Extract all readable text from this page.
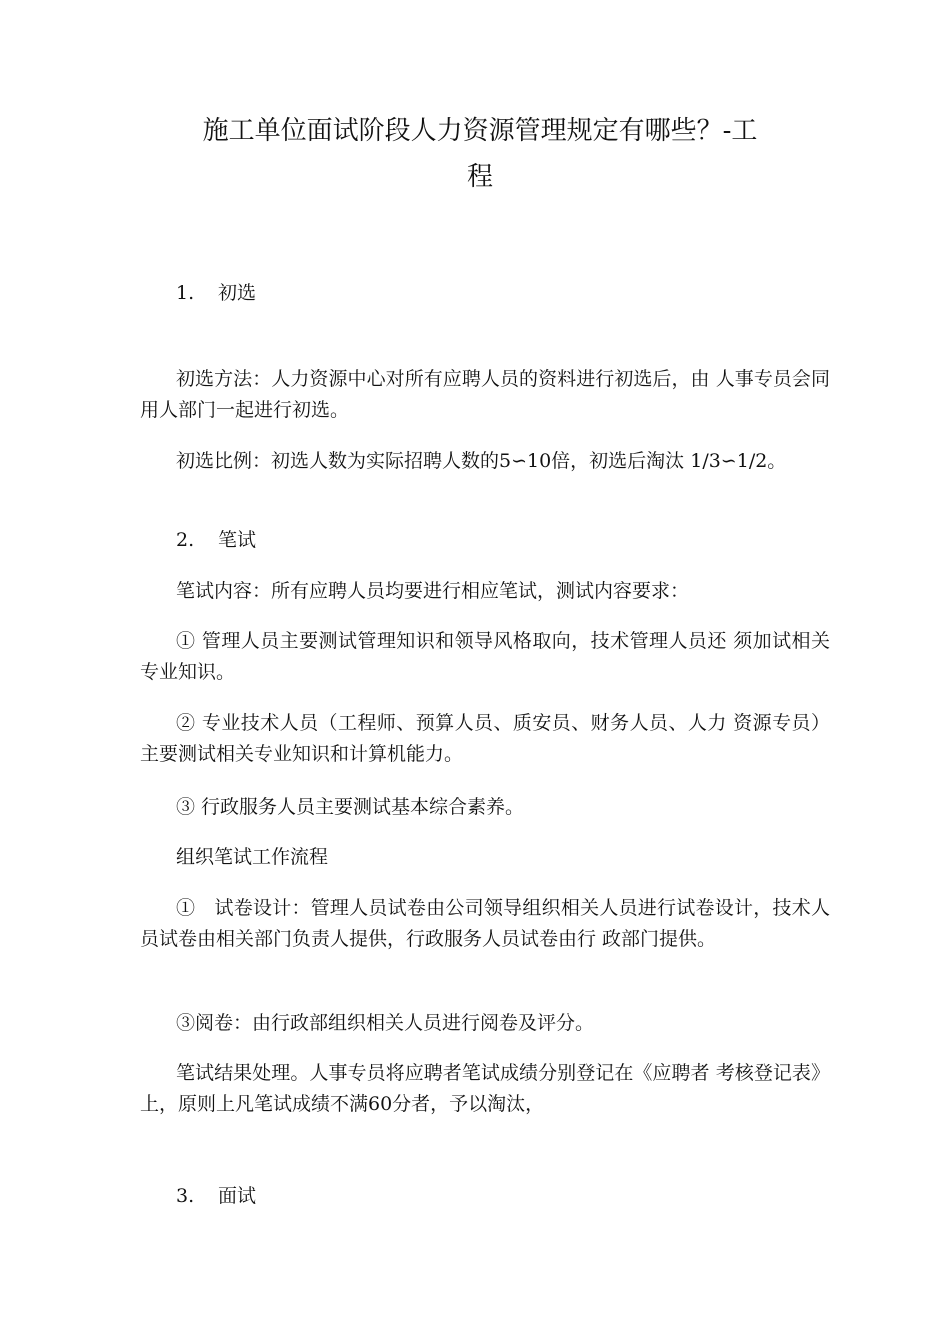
施工单位面试阶段人力资源管理规定有哪些？-工
程
1. 初选

初选方法：人力资源中心对所有应聘人员的资料进行初选后，由 人事专员会同用人部门一起进行初选。

初选比例：初选人数为实际招聘人数的5∽10倍，初选后淘汰 1/3∽1/2。

2. 笔试

笔试内容：所有应聘人员均要进行相应笔试，测试内容要求：

① 管理人员主要测试管理知识和领导风格取向，技术管理人员还 须加试相关专业知识。

② 专业技术人员（工程师、预算人员、质安员、财务人员、人力 资源专员）主要测试相关专业知识和计算机能力。

③ 行政服务人员主要测试基本综合素养。

组织笔试工作流程

①　试卷设计：管理人员试卷由公司领导组织相关人员进行试卷设计，技术人员试卷由相关部门负责人提供，行政服务人员试卷由行 政部门提供。

③阅卷：由行政部组织相关人员进行阅卷及评分。

笔试结果处理。人事专员将应聘者笔试成绩分别登记在《应聘者 考核登记表》上，原则上凡笔试成绩不满60分者，予以淘汰，

3. 面试
